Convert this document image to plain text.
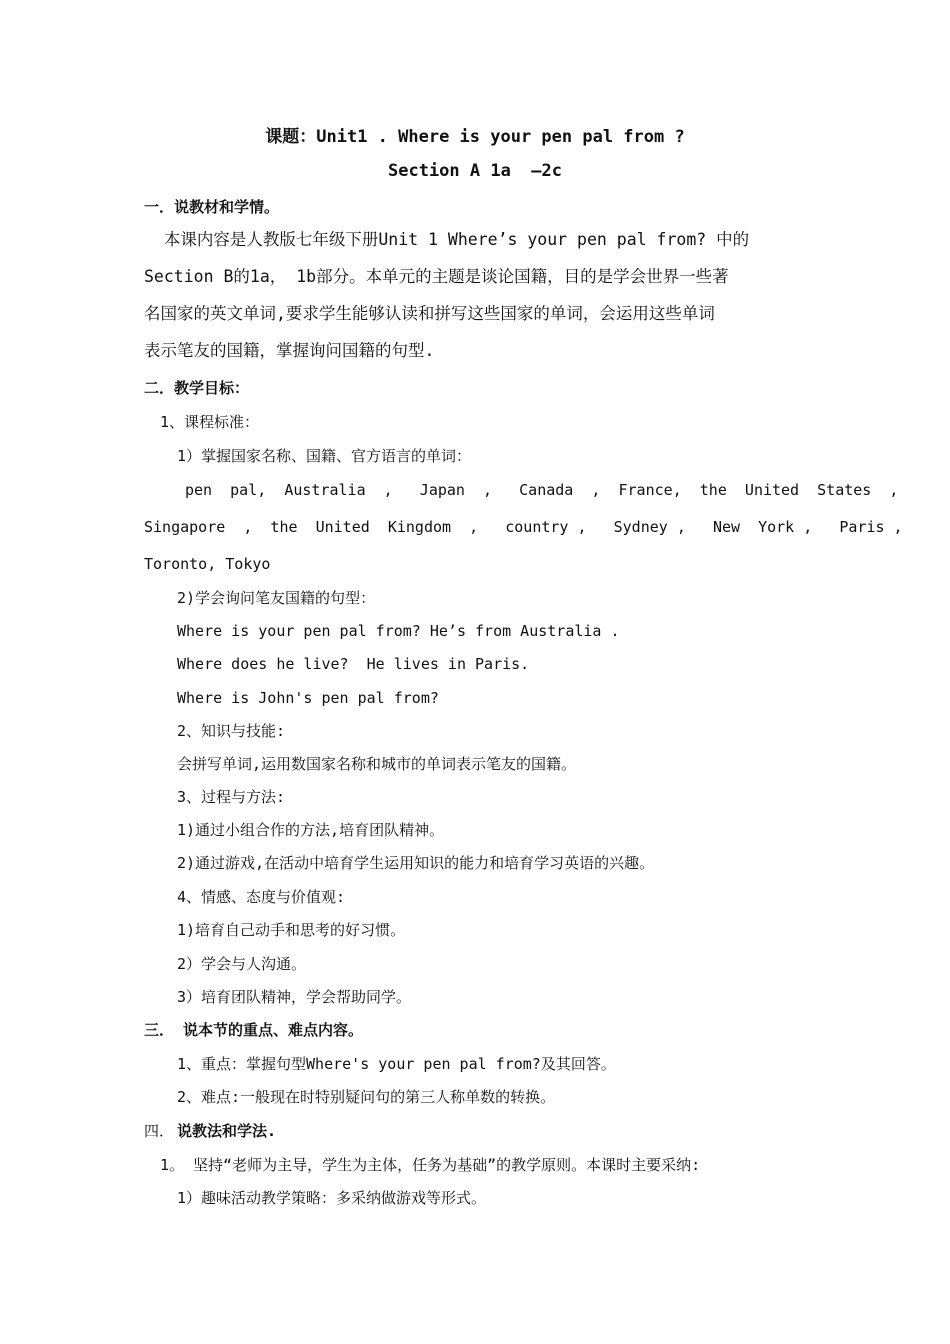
课题：Unit1 . Where is your pen pal from ?
Section A 1a  –2c
一．说教材和学情。
本课内容是人教版七年级下册Unit 1 Where’s your pen pal from? 中的
Section B的1a， 1b部分。本单元的主题是谈论国籍，目的是学会世界一些著
名国家的英文单词,要求学生能够认读和拼写这些国家的单词，会运用这些单词
表示笔友的国籍，掌握询问国籍的句型.
二．教学目标：
1、课程标准：
1）掌握国家名称、国籍、官方语言的单词：
pen  pal,  Australia  ,   Japan  ,   Canada  ,  France,  the  United  States  ,
Singapore  ,  the  United  Kingdom  ,   country ,   Sydney ,   New  York ,   Paris ,
Toronto, Tokyo
2)学会询问笔友国籍的句型：
Where is your pen pal from? He’s from Australia .
Where does he live?  He lives in Paris.
Where is John's pen pal from?
2、知识与技能:
会拼写单词,运用数国家名称和城市的单词表示笔友的国籍。
3、过程与方法:
1)通过小组合作的方法,培育团队精神。
2)通过游戏,在活动中培育学生运用知识的能力和培育学习英语的兴趣。
4、情感、态度与价值观:
1)培育自己动手和思考的好习惯。
2）学会与人沟通。
3）培育团队精神，学会帮助同学。
三． 说本节的重点、难点内容。
1、重点：掌握句型Where's your pen pal from?及其回答。
2、难点:一般现在时特别疑问句的第三人称单数的转换。
四． 说教法和学法.
1。 坚持“老师为主导，学生为主体，任务为基础”的教学原则。本课时主要采纳:
1）趣味活动教学策略：多采纳做游戏等形式。
